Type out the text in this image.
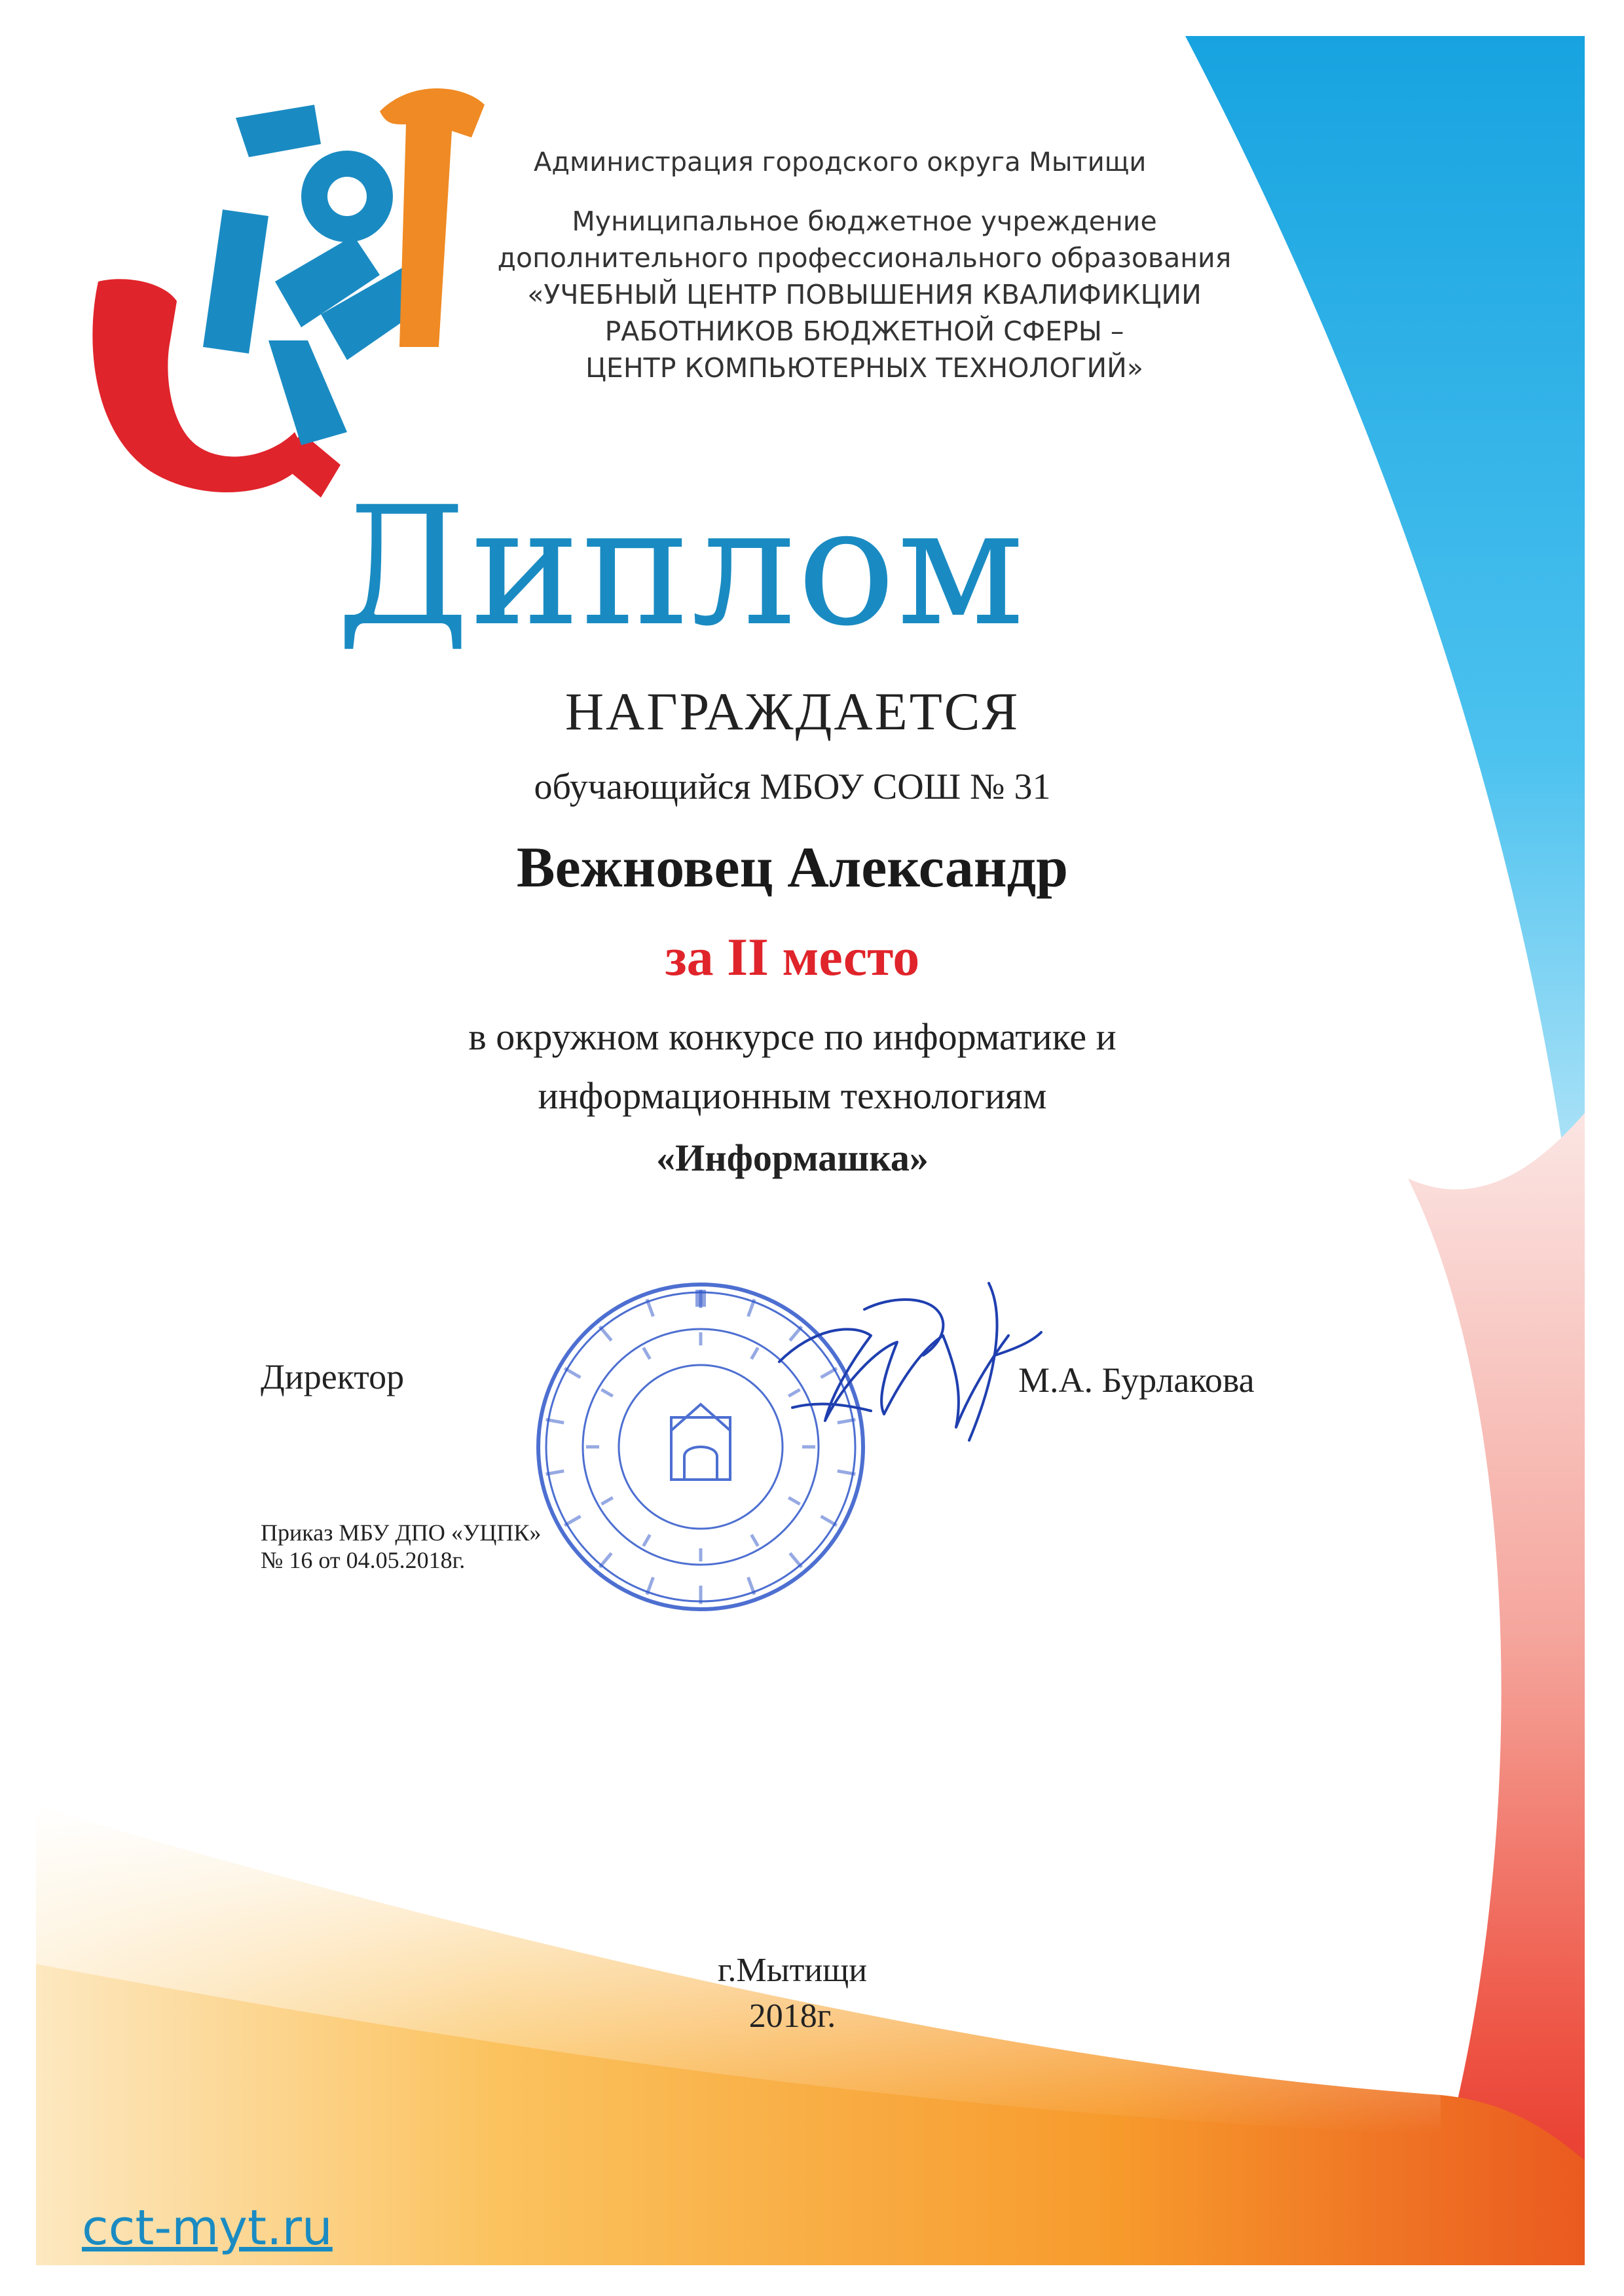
Администрация городского округа Мытищи
Муниципальное бюджетное учреждение
дополнительного профессионального образования
«УЧЕБНЫЙ ЦЕНТР ПОВЫШЕНИЯ КВАЛИФИКЦИИ
РАБОТНИКОВ БЮДЖЕТНОЙ СФЕРЫ –
ЦЕНТР КОМПЬЮТЕРНЫХ ТЕХНОЛОГИЙ»
Диплом
НАГРАЖДАЕТСЯ
обучающийся МБОУ СОШ № 31
Вежновец Александр
за II место
в окружном конкурсе по информатике и
информационным технологиям
«Информашка»
Директор	М.А. Бурлакова
Приказ МБУ ДПО «УЦПК»
№ 16 от 04.05.2018г.
г.Мытищи
2018г.
cct-myt.ru
